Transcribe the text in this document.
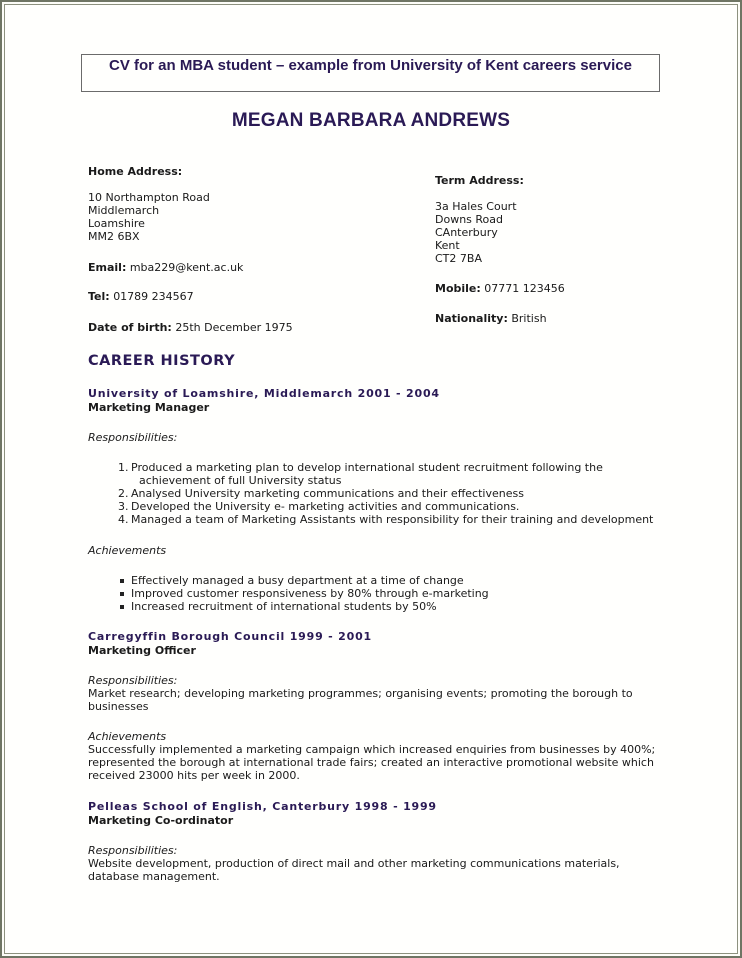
CV for an MBA student – example from University of Kent careers service
MEGAN BARBARA ANDREWS
Home Address:
10 Northampton Road
Middlemarch
Loamshire
MM2 6BX
Email: mba229@kent.ac.uk
Tel: 01789 234567
Date of birth: 25th December 1975
Term Address:
3a Hales Court
Downs Road
CAnterbury
Kent
CT2 7BA
Mobile: 07771 123456
Nationality: British
CAREER HISTORY
University of Loamshire, Middlemarch 2001 - 2004
Marketing Manager
Responsibilities:
1. Produced a marketing plan to develop international student recruitment following the
achievement of full University status
2. Analysed University marketing communications and their effectiveness
3. Developed the University e- marketing activities and communications.
4. Managed a team of Marketing Assistants with responsibility for their training and development
Achievements
Effectively managed a busy department at a time of change
Improved customer responsiveness by 80% through e-marketing
Increased recruitment of international students by 50%
Carregyffin Borough Council 1999 - 2001
Marketing Officer
Responsibilities:
Market research; developing marketing programmes; organising events; promoting the borough to businesses
Achievements
Successfully implemented a marketing campaign which increased enquiries from businesses by 400%; represented the borough at international trade fairs; created an interactive promotional website which received 23000 hits per week in 2000.
Pelleas School of English, Canterbury 1998 - 1999
Marketing Co-ordinator
Responsibilities:
Website development, production of direct mail and other marketing communications materials, database management.
